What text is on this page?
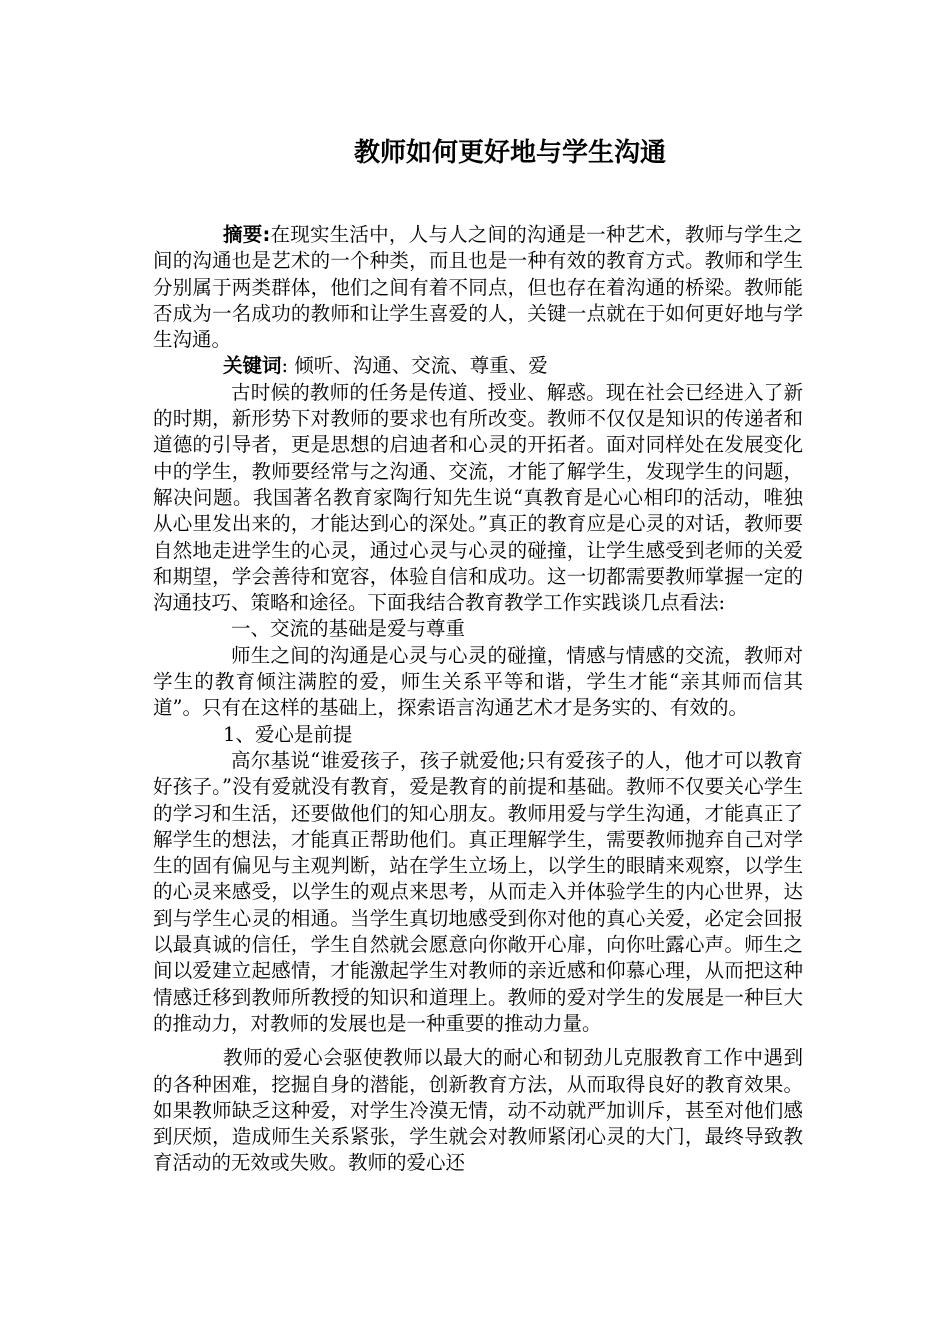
教师如何更好地与学生沟通

摘要:在现实生活中，人与人之间的沟通是一种艺术，教师与学生之间的沟通也是艺术的一个种类，而且也是一种有效的教育方式。教师和学生分别属于两类群体，他们之间有着不同点，但也存在着沟通的桥梁。教师能否成为一名成功的教师和让学生喜爱的人，关键一点就在于如何更好地与学生沟通。

关键词: 倾听、沟通、交流、尊重、爱

古时候的教师的任务是传道、授业、解惑。现在社会已经进入了新的时期，新形势下对教师的要求也有所改变。教师不仅仅是知识的传递者和道德的引导者，更是思想的启迪者和心灵的开拓者。面对同样处在发展变化中的学生，教师要经常与之沟通、交流，才能了解学生，发现学生的问题，解决问题。我国著名教育家陶行知先生说“真教育是心心相印的活动，唯独从心里发出来的，才能达到心的深处。”真正的教育应是心灵的对话，教师要自然地走进学生的心灵，通过心灵与心灵的碰撞，让学生感受到老师的关爱和期望，学会善待和宽容，体验自信和成功。这一切都需要教师掌握一定的沟通技巧、策略和途径。下面我结合教育教学工作实践谈几点看法:

一、交流的基础是爱与尊重

师生之间的沟通是心灵与心灵的碰撞，情感与情感的交流，教师对学生的教育倾注满腔的爱，师生关系平等和谐，学生才能“亲其师而信其道”。只有在这样的基础上，探索语言沟通艺术才是务实的、有效的。

1、爱心是前提

高尔基说“谁爱孩子，孩子就爱他;只有爱孩子的人，他才可以教育好孩子。”没有爱就没有教育，爱是教育的前提和基础。教师不仅要关心学生的学习和生活，还要做他们的知心朋友。教师用爱与学生沟通，才能真正了解学生的想法，才能真正帮助他们。真正理解学生，需要教师抛弃自己对学生的固有偏见与主观判断，站在学生立场上，以学生的眼睛来观察，以学生的心灵来感受，以学生的观点来思考，从而走入并体验学生的内心世界，达到与学生心灵的相通。当学生真切地感受到你对他的真心关爱，必定会回报以最真诚的信任，学生自然就会愿意向你敞开心扉，向你吐露心声。师生之间以爱建立起感情，才能激起学生对教师的亲近感和仰慕心理，从而把这种情感迁移到教师所教授的知识和道理上。教师的爱对学生的发展是一种巨大的推动力，对教师的发展也是一种重要的推动力量。

教师的爱心会驱使教师以最大的耐心和韧劲儿克服教育工作中遇到的各种困难，挖掘自身的潜能，创新教育方法，从而取得良好的教育效果。如果教师缺乏这种爱，对学生冷漠无情，动不动就严加训斥，甚至对他们感到厌烦，造成师生关系紧张，学生就会对教师紧闭心灵的大门，最终导致教育活动的无效或失败。教师的爱心还
